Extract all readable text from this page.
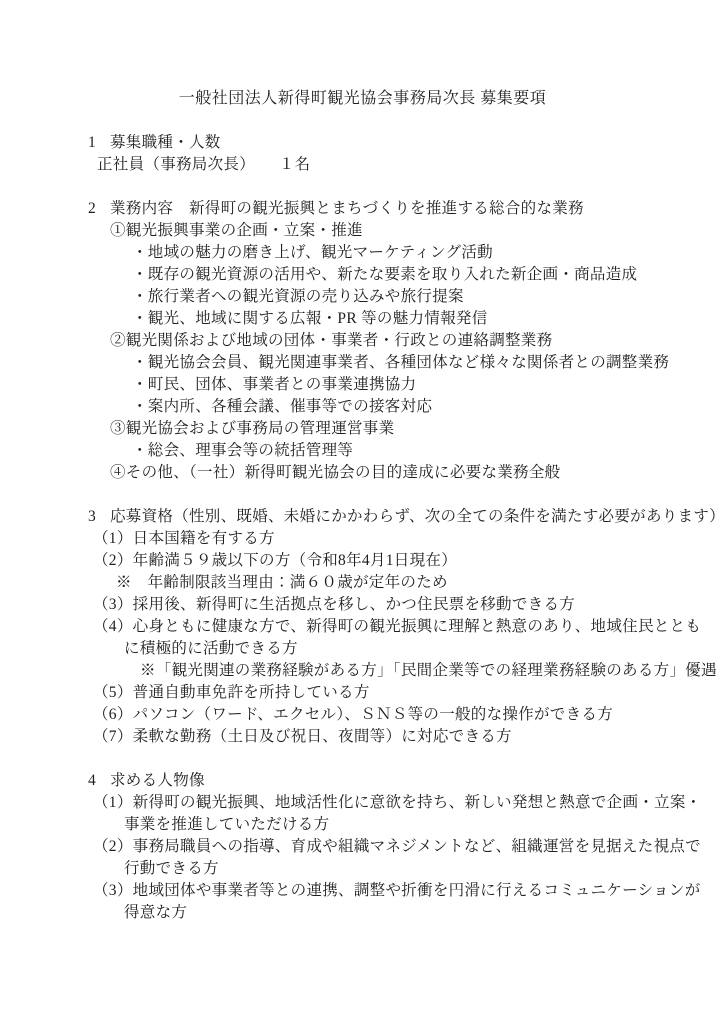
一般社団法人新得町観光協会事務局次長 募集要項
1 募集職種・人数
正社員（事務局次長）　　１名
2 業務内容　新得町の観光振興とまちづくりを推進する総合的な業務
①観光振興事業の企画・立案・推進
・地域の魅力の磨き上げ、観光マーケティング活動
・既存の観光資源の活用や、新たな要素を取り入れた新企画・商品造成
・旅行業者への観光資源の売り込みや旅行提案
・観光、地域に関する広報・PR 等の魅力情報発信
②観光関係および地域の団体・事業者・行政との連絡調整業務
・観光協会会員、観光関連事業者、各種団体など様々な関係者との調整業務
・町民、団体、事業者との事業連携協力
・案内所、各種会議、催事等での接客対応
③観光協会および事務局の管理運営事業
・総会、理事会等の統括管理等
④その他、（一社）新得町観光協会の目的達成に必要な業務全般
3 応募資格（性別、既婚、未婚にかかわらず、次の全ての条件を満たす必要があります）
（1）日本国籍を有する方
（2）年齢満５９歳以下の方（令和8年4月1日現在）
※　年齢制限該当理由：満６０歳が定年のため
（3）採用後、新得町に生活拠点を移し、かつ住民票を移動できる方
（4）心身ともに健康な方で、新得町の観光振興に理解と熱意のあり、地域住民ととも
に積極的に活動できる方
※「観光関連の業務経験がある方」「民間企業等での経理業務経験のある方」優遇
（5）普通自動車免許を所持している方
（6）パソコン（ワード、エクセル）、ＳＮＳ等の一般的な操作ができる方
（7）柔軟な勤務（土日及び祝日、夜間等）に対応できる方
4 求める人物像
（1）新得町の観光振興、地域活性化に意欲を持ち、新しい発想と熱意で企画・立案・
事業を推進していただける方
（2）事務局職員への指導、育成や組織マネジメントなど、組織運営を見据えた視点で
行動できる方
（3）地域団体や事業者等との連携、調整や折衝を円滑に行えるコミュニケーションが
得意な方
